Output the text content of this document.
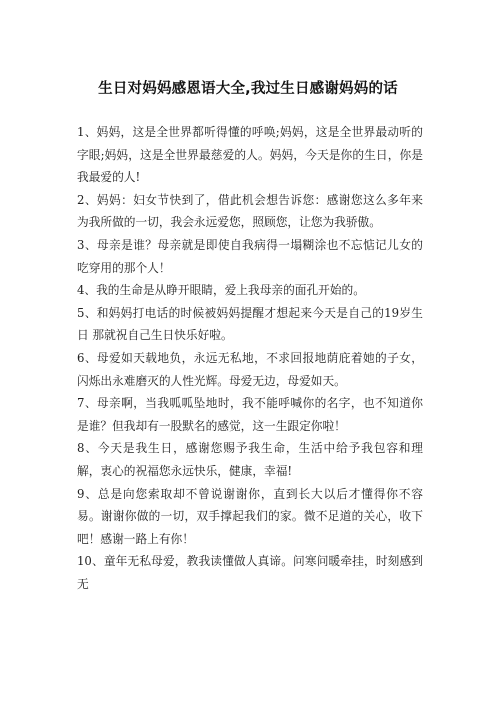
生日对妈妈感恩语大全,我过生日感谢妈妈的话

1、妈妈，这是全世界都听得懂的呼唤;妈妈，这是全世界最动听的字眼;妈妈，这是全世界最慈爱的人。妈妈，今天是你的生日，你是我最爱的人!

2、妈妈：妇女节快到了，借此机会想告诉您：感谢您这么多年来为我所做的一切，我会永远爱您，照顾您，让您为我骄傲。

3、母亲是谁？母亲就是即使自我病得一塌糊涂也不忘惦记儿女的吃穿用的那个人！

4、我的生命是从睁开眼睛，爱上我母亲的面孔开始的。

5、和妈妈打电话的时候被妈妈提醒才想起来今天是自己的19岁生日 那就祝自己生日快乐好啦。

6、母爱如天载地负，永远无私地，不求回报地荫庇着她的子女，闪烁出永难磨灭的人性光辉。母爱无边，母爱如天。

7、母亲啊，当我呱呱坠地时，我不能呼喊你的名字，也不知道你是谁？但我却有一股默名的感觉，这一生跟定你啦！

8、今天是我生日，感谢您赐予我生命，生活中给予我包容和理解，衷心的祝福您永远快乐，健康，幸福!

9、总是向您索取却不曾说谢谢你，直到长大以后才懂得你不容易。谢谢你做的一切，双手撑起我们的家。微不足道的关心，收下吧！感谢一路上有你！

10、童年无私母爱，教我读懂做人真谛。问寒问暖牵挂，时刻感到无
